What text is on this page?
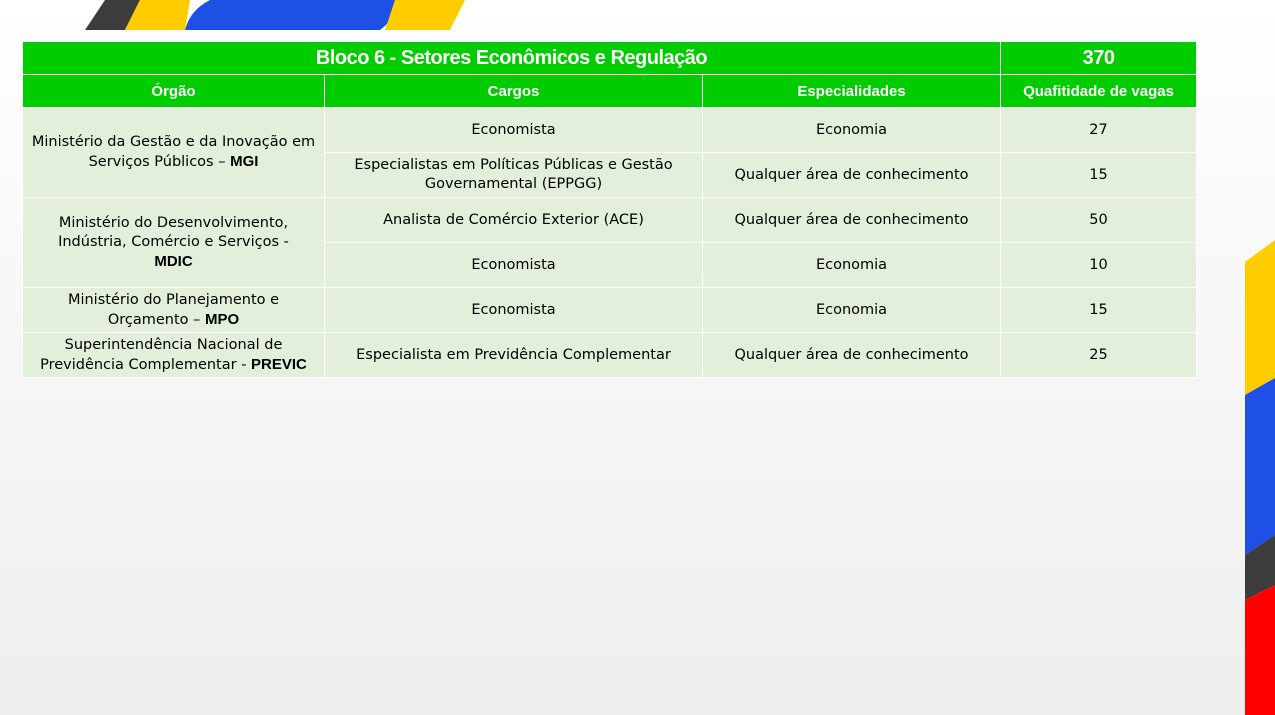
Bloco 6 - Setores Econômicos e Regulação			370
Órgão	Cargos	Especialidades	Quafitidade de vagas
Ministério da Gestão e da Inovação em Serviços Públicos – MGI	Economista	Economia	27
	Especialistas em Políticas Públicas e Gestão Governamental (EPPGG)	Qualquer área de conhecimento	15
Ministério do Desenvolvimento, Indústria, Comércio e Serviços -
MDIC	Analista de Comércio Exterior (ACE)	Qualquer área de conhecimento	50
	Economista	Economia	10
Ministério do Planejamento e Orçamento – MPO	Economista	Economia	15
Superintendência Nacional de Previdência Complementar - PREVIC	Especialista em Previdência Complementar	Qualquer área de conhecimento	25
